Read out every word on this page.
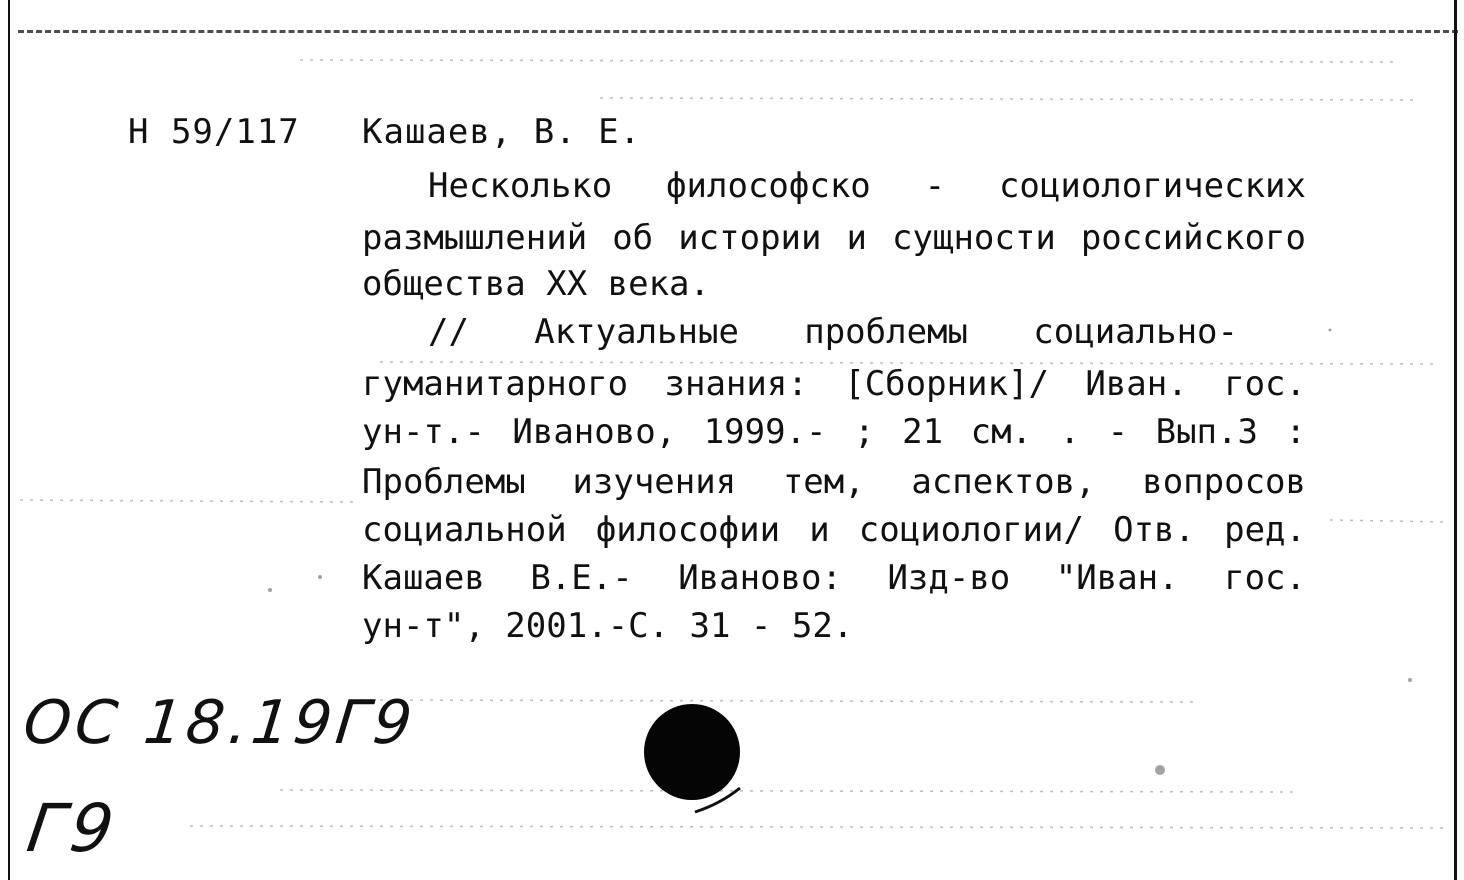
Н 59/117 Кашаев, В. Е.
Несколько философско - социологических
размышлений об истории и сущности российского
общества XX века.
// Актуальные проблемы социально-
гуманитарного знания: [Сборник]/ Иван. гос.
ун-т.- Иваново, 1999.- ; 21 см. . - Вып.3 :
Проблемы изучения тем, аспектов, вопросов
социальной философии и социологии/ Отв. ред.
Кашаев В.Е.- Иваново: Изд-во "Иван. гос.
ун-т", 2001.-С. 31 - 52.
ОС 18.19Г9
Г9
